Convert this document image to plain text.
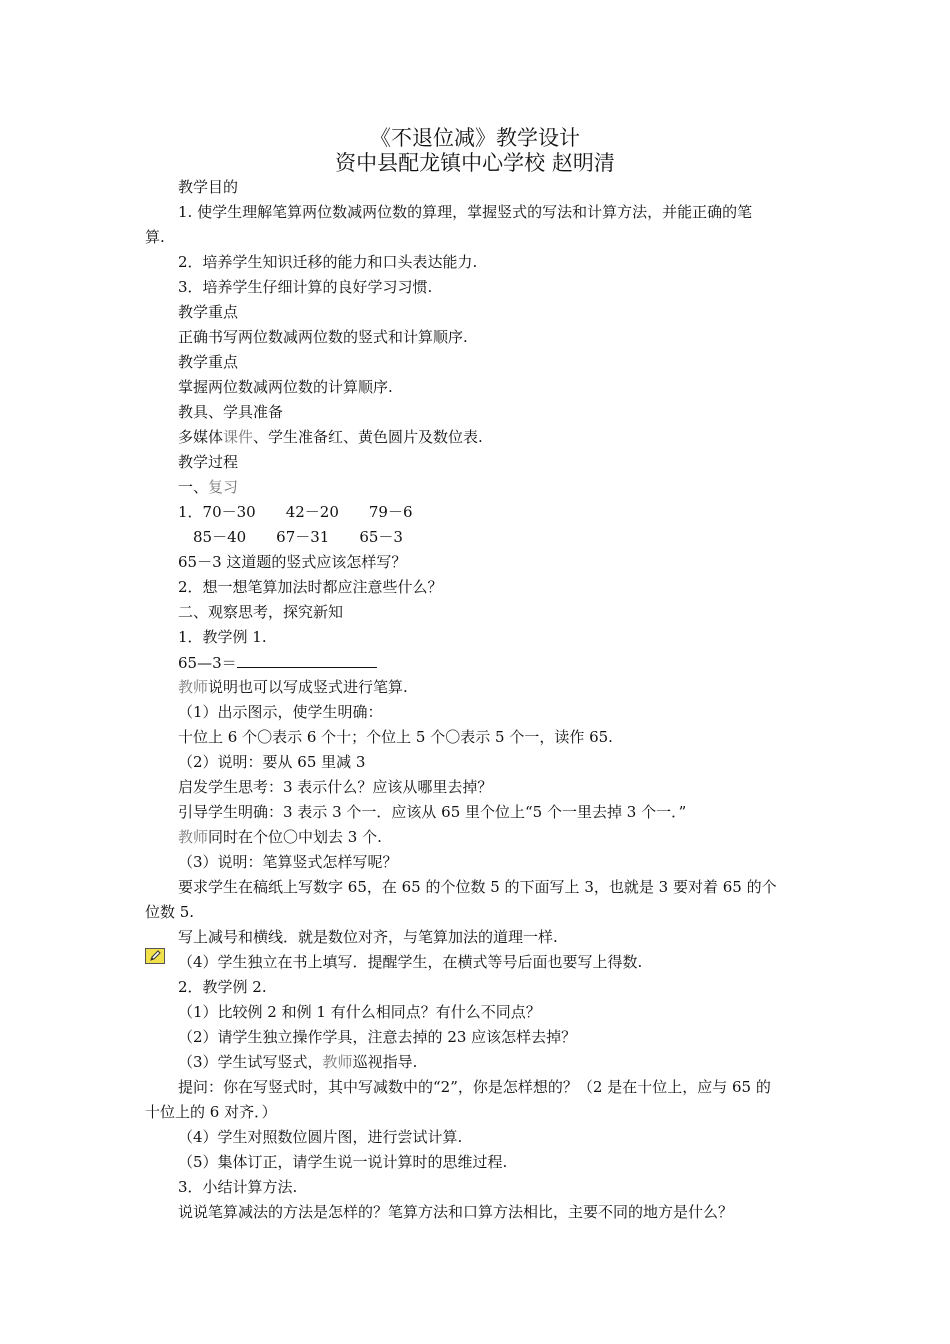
《不退位减》教学设计
资中县配龙镇中心学校 赵明清
教学目的
1. 使学生理解笔算两位数减两位数的算理，掌握竖式的写法和计算方法，并能正确的笔
算.
2．培养学生知识迁移的能力和口头表达能力.
3．培养学生仔细计算的良好学习习惯.
教学重点
正确书写两位数减两位数的竖式和计算顺序.
教学重点
掌握两位数减两位数的计算顺序.
教具、学具准备
多媒体课件、学生准备红、黄色圆片及数位表.
教学过程
一、复习
1．70－30　　42－20　　79－6
　85－40　　67－31　　65－3
65－3 这道题的竖式应该怎样写？
2．想一想笔算加法时都应注意些什么？
二、观察思考，探究新知
1．教学例 1.
65—3＝
教师说明也可以写成竖式进行笔算.
（1）出示图示，使学生明确：
十位上 6 个〇表示 6 个十；个位上 5 个〇表示 5 个一，读作 65.
（2）说明：要从 65 里减 3
启发学生思考：3 表示什么？应该从哪里去掉？
引导学生明确：3 表示 3 个一．应该从 65 里个位上“5 个一里去掉 3 个一．”
教师同时在个位〇中划去 3 个.
（3）说明：笔算竖式怎样写呢？
要求学生在稿纸上写数字 65，在 65 的个位数 5 的下面写上 3，也就是 3 要对着 65 的个
位数 5.
写上减号和横线．就是数位对齐，与笔算加法的道理一样.
（4）学生独立在书上填写．提醒学生，在横式等号后面也要写上得数.
2．教学例 2.
（1）比较例 2 和例 1 有什么相同点？有什么不同点？
（2）请学生独立操作学具，注意去掉的 23 应该怎样去掉？
（3）学生试写竖式，教师巡视指导.
提问：你在写竖式时，其中写减数中的“2”，你是怎样想的？（2 是在十位上，应与 65 的
十位上的 6 对齐．）
（4）学生对照数位圆片图，进行尝试计算.
（5）集体订正，请学生说一说计算时的思维过程.
3．小结计算方法.
说说笔算减法的方法是怎样的？笔算方法和口算方法相比，主要不同的地方是什么？
